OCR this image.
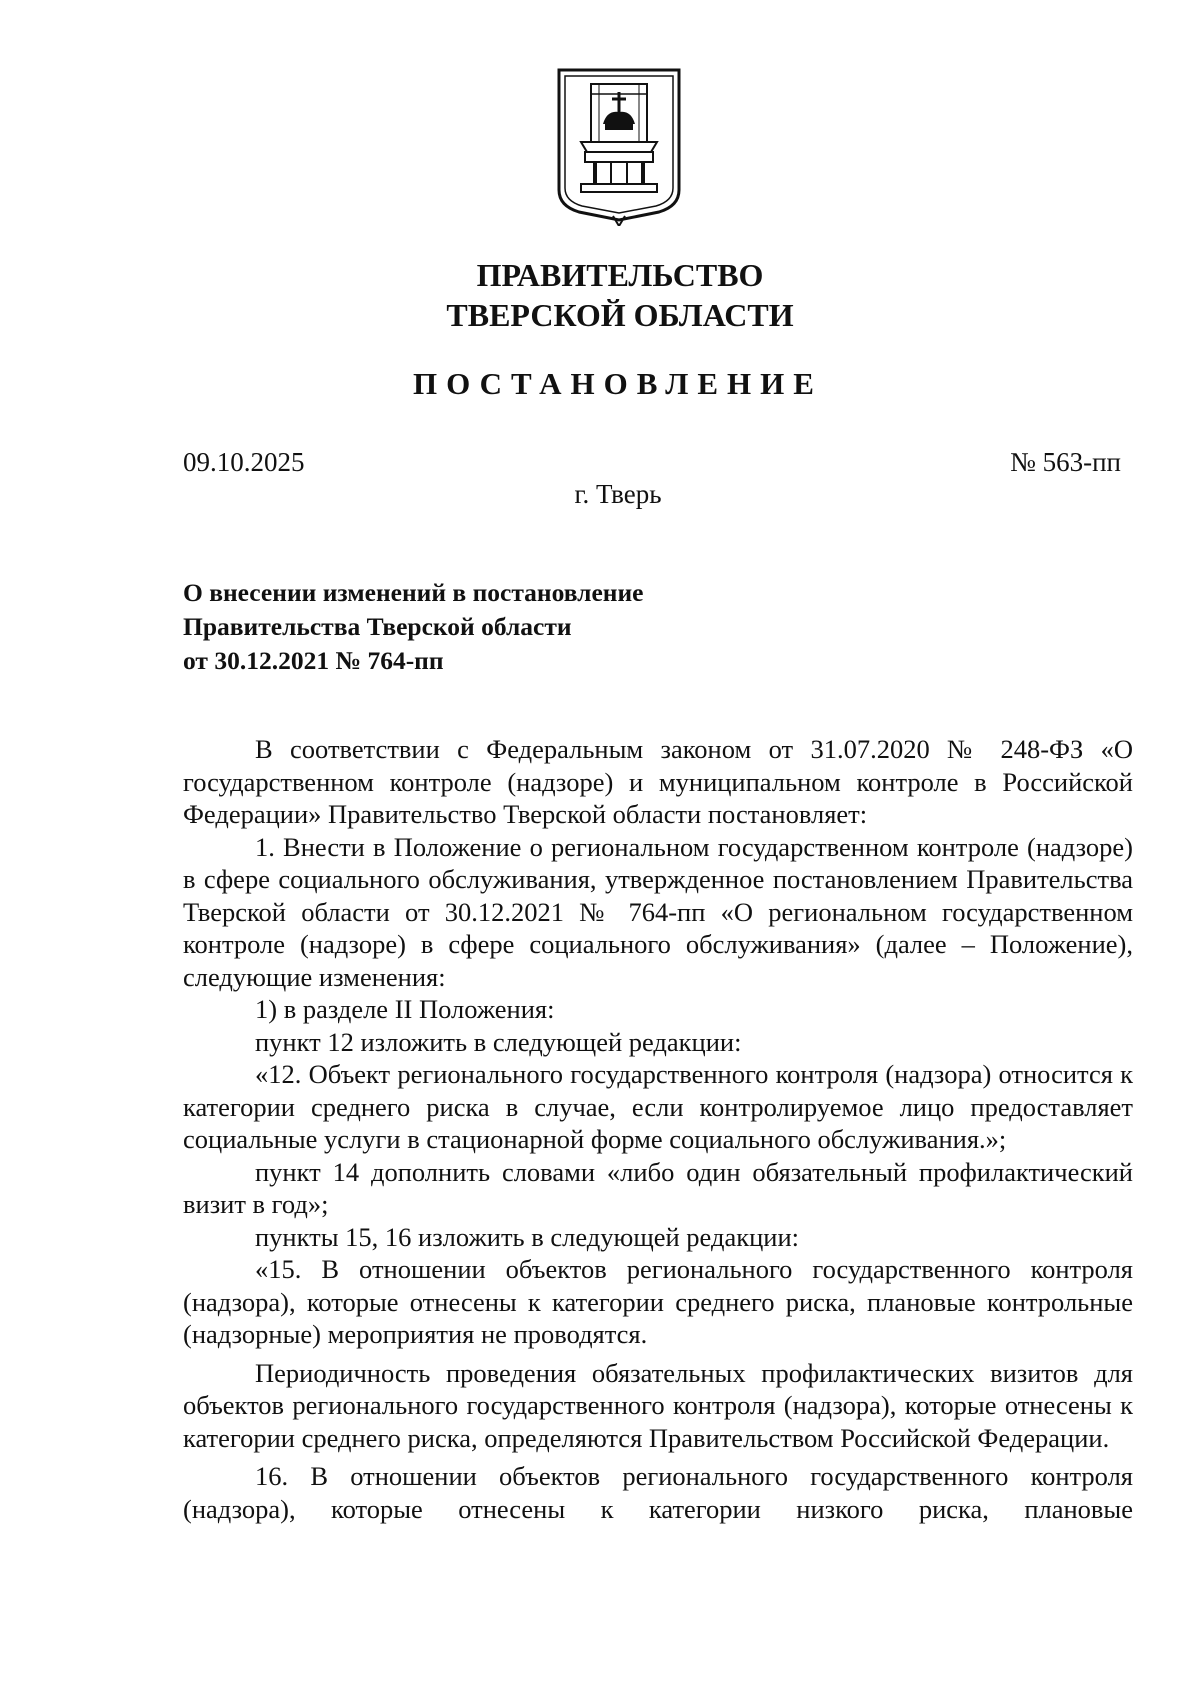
ПРАВИТЕЛЬСТВО
ТВЕРСКОЙ ОБЛАСТИ
ПОСТАНОВЛЕНИЕ
09.10.2025	№ 563-пп
г. Тверь
О внесении изменений в постановление
Правительства Тверской области
от 30.12.2021 № 764-пп
В соответствии с Федеральным законом от 31.07.2020 № 248-ФЗ «О государственном контроле (надзоре) и муниципальном контроле в Российской Федерации» Правительство Тверской области постановляет:
1. Внести в Положение о региональном государственном контроле (надзоре) в сфере социального обслуживания, утвержденное постановлением Правительства Тверской области от 30.12.2021 № 764-пп «О региональном государственном контроле (надзоре) в сфере социального обслуживания» (далее – Положение), следующие изменения:
1) в разделе II Положения:
пункт 12 изложить в следующей редакции:
«12. Объект регионального государственного контроля (надзора) относится к категории среднего риска в случае, если контролируемое лицо предоставляет социальные услуги в стационарной форме социального обслуживания.»;
пункт 14 дополнить словами «либо один обязательный профилактический визит в год»;
пункты 15, 16 изложить в следующей редакции:
«15. В отношении объектов регионального государственного контроля (надзора), которые отнесены к категории среднего риска, плановые контрольные (надзорные) мероприятия не проводятся.
Периодичность проведения обязательных профилактических визитов для объектов регионального государственного контроля (надзора), которые отнесены к категории среднего риска, определяются Правительством Российской Федерации.
16. В отношении объектов регионального государственного контроля (надзора), которые отнесены к категории низкого риска, плановые
